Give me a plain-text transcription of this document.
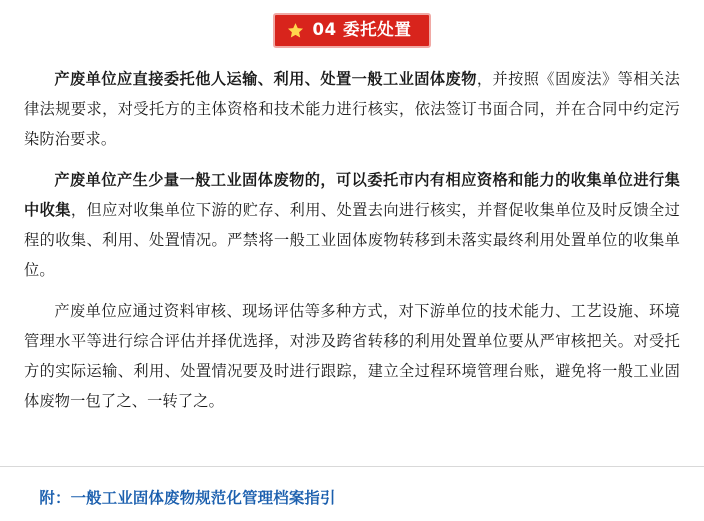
04 委托处置

产废单位应直接委托他人运输、利用、处置一般工业固体废物，并按照《固废法》等相关法律法规要求，对受托方的主体资格和技术能力进行核实，依法签订书面合同，并在合同中约定污染防治要求。

产废单位产生少量一般工业固体废物的，可以委托市内有相应资格和能力的收集单位进行集中收集，但应对收集单位下游的贮存、利用、处置去向进行核实，并督促收集单位及时反馈全过程的收集、利用、处置情况。严禁将一般工业固体废物转移到未落实最终利用处置单位的收集单位。

产废单位应通过资料审核、现场评估等多种方式，对下游单位的技术能力、工艺设施、环境管理水平等进行综合评估并择优选择，对涉及跨省转移的利用处置单位要从严审核把关。对受托方的实际运输、利用、处置情况要及时进行跟踪，建立全过程环境管理台账，避免将一般工业固体废物一包了之、一转了之。

附：一般工业固体废物规范化管理档案指引
